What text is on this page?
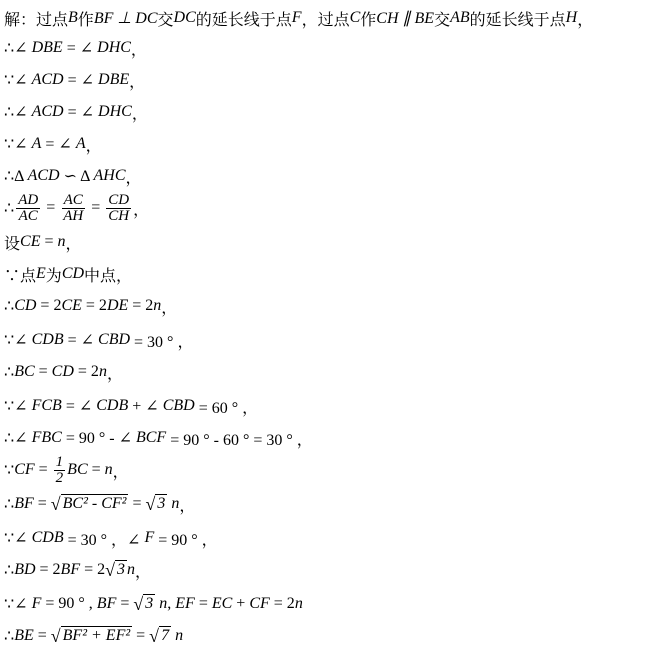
解：过点 B 作 BF ⊥ DC 交 DC 的延长线于点 F ，过点 C 作 CH ∥ BE 交 AB 的延长线于点 H ，
∴∠ DBE = ∠ DHC ，
∵∠ ACD = ∠ DBE ，
∴∠ ACD = ∠ DHC ，
∵∠ A = ∠ A ，
∴Δ ACD ∽ Δ AHC ，
∴ $\frac{AD}{AC} = \frac{AC}{AH} = \frac{CD}{CH}$ ，
设 CE = n ，
∵点 E 为 CD 中点，
∴ CD = 2 CE = 2 DE = 2 n ，
∵∠ CDB = ∠ CBD = 30 ° ，
∴ BC = CD = 2 n ，
∵∠ FCB = ∠ CDB + ∠ CBD = 60 ° ，
∴∠ FBC = 90 ° - ∠ BCF = 90 ° - 60 ° = 30 ° ，
∵ CF = $\frac{1}{2}$ BC = n ，
∴ BF = √ BC² - CF² = √ 3 n ，
∵∠ CDB = 30 ° ，∠ F = 90 ° ，
∴ BD = 2 BF = 2 √ 3 n ，
∵∠ F = 90 ° , BF = √ 3 n , EF = EC + CF = 2 n
∴ BE = √ BF² + EF² = √ 7 n
